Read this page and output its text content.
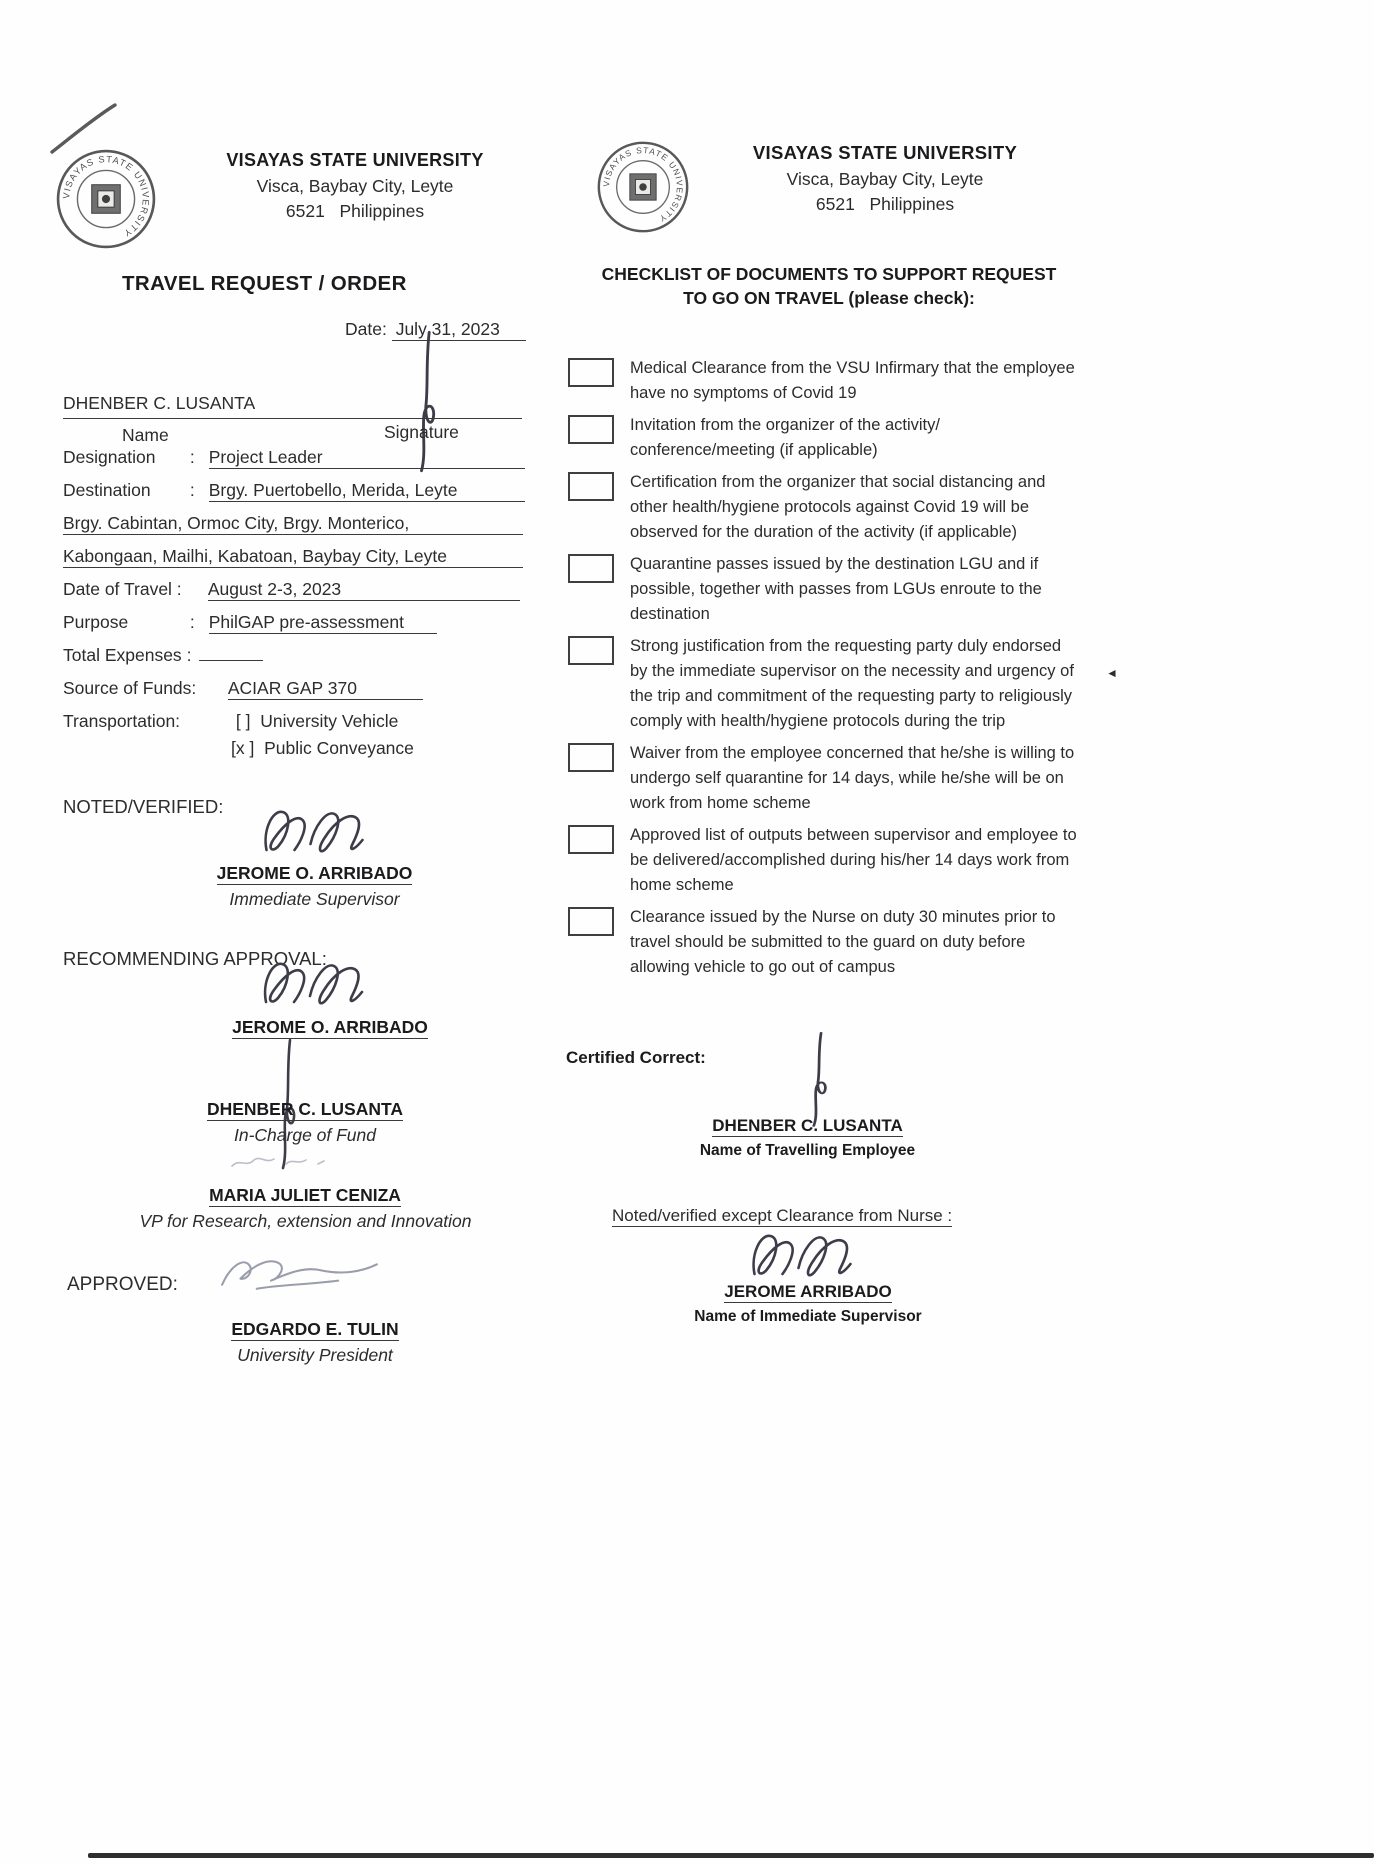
VISAYAS STATE UNIVERSITY
VISAYAS STATE UNIVERSITY
Visca, Baybay City, Leyte
6521   Philippines
VISAYAS STATE UNIVERSITY
VISAYAS STATE UNIVERSITY
Visca, Baybay City, Leyte
6521   Philippines
TRAVEL REQUEST / ORDER
Date: July 31, 2023
DHENBER C. LUSANTA
Name	Signature
Designation : Project Leader
Destination : Brgy. Puertobello, Merida, Leyte
Brgy. Cabintan, Ormoc City, Brgy. Monterico,
Kabongaan, Mailhi, Kabatoan, Baybay City, Leyte
Date of Travel : August 2-3, 2023
Purpose	: PhilGAP pre-assessment
Total Expenses :
Source of Funds: ACIAR GAP 370
Transportation:	[ ] University Vehicle
[x ] Public Conveyance
NOTED/VERIFIED:
JEROME O. ARRIBADO
Immediate Supervisor
RECOMMENDING APPROVAL:
JEROME O. ARRIBADO
DHENBER C. LUSANTA
In-Charge of Fund
MARIA JULIET CENIZA
VP for Research, extension and Innovation
APPROVED:
EDGARDO E. TULIN
University President
CHECKLIST OF DOCUMENTS TO SUPPORT REQUEST
TO GO ON TRAVEL (please check):
Medical Clearance from the VSU Infirmary that the employee have no symptoms of Covid 19
Invitation from the organizer of the activity/ conference/meeting (if applicable)
Certification from the organizer that social distancing and other health/hygiene protocols against Covid 19 will be observed for the duration of the activity (if applicable)
Quarantine passes issued by the destination LGU and if possible, together with passes from LGUs enroute to the destination
Strong justification from the requesting party duly endorsed by the immediate supervisor on the necessity and urgency of the trip and commitment of the requesting party to religiously comply with health/hygiene protocols during the trip
Waiver from the employee concerned that he/she is willing to undergo self quarantine for 14 days, while he/she will be on work from home scheme
Approved list of outputs between supervisor and employee to be delivered/accomplished during his/her 14 days work from home scheme
Clearance issued by the Nurse on duty 30 minutes prior to travel should be submitted to the guard on duty before allowing vehicle to go out of campus
◄
Certified Correct:
DHENBER C. LUSANTA
Name of Travelling Employee
Noted/verified except Clearance from Nurse :
JEROME ARRIBADO
Name of Immediate Supervisor
